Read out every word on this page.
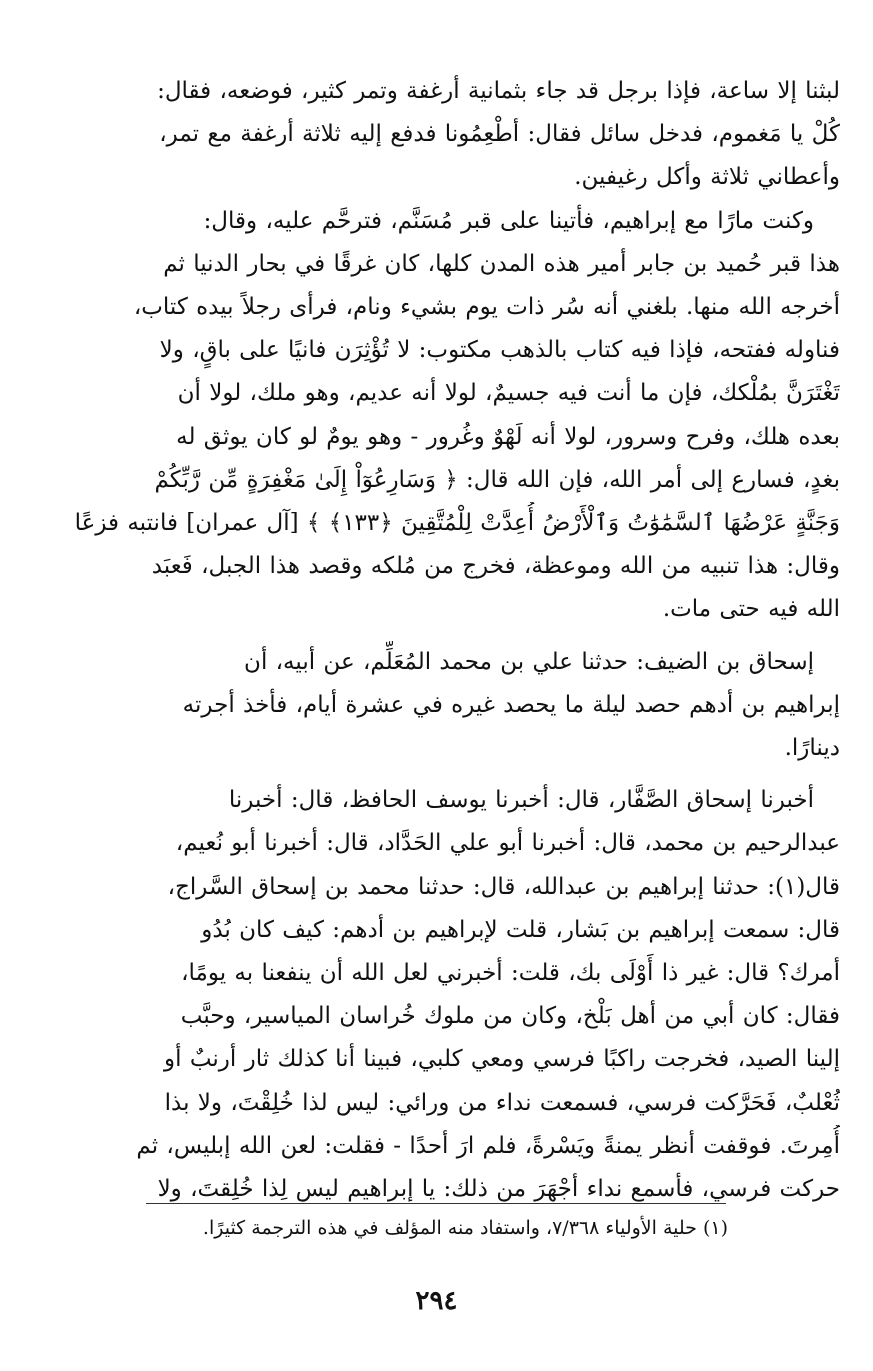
لبثنا إلا ساعة، فإذا برجل قد جاء بثمانية أرغفة وتمر كثير، فوضعه، فقال:
كُلْ يا مَغموم، فدخل سائل فقال: أطْعِمُونا فدفع إليه ثلاثة أرغفة مع تمر،
وأعطاني ثلاثة وأكل رغيفين.
وكنت مارًا مع إبراهيم، فأتينا على قبر مُسَنَّم، فترحَّم عليه، وقال:
هذا قبر حُميد بن جابر أمير هذه المدن كلها، كان غرقًا في بحار الدنيا ثم
أخرجه الله منها. بلغني أنه سُر ذات يوم بشيء ونام، فرأى رجلاً بيده كتاب،
فناوله ففتحه، فإذا فيه كتاب بالذهب مكتوب: لا تُؤْثِرَن فانيًا على باقٍ، ولا
تَغْتَرَنَّ بمُلْكك، فإن ما أنت فيه جسيمٌ، لولا أنه عديم، وهو ملك، لولا أن
بعده هلك، وفرح وسرور، لولا أنه لَهْوٌ وغُرور - وهو يومٌ لو كان يوثق له
بغدٍ، فسارع إلى أمر الله، فإن الله قال: ﴿ وَسَارِعُوٓاْ إِلَىٰ مَغْفِرَةٍ مِّن رَّبِّكُمْ
وَجَنَّةٍ عَرْضُهَا ٱلسَّمَٰوَٰتُ وَٱلْأَرْضُ أُعِدَّتْ لِلْمُتَّقِينَ ﴿١٣٣﴾ ﴾ [آل عمران] فانتبه فزعًا
وقال: هذا تنبيه من الله وموعظة، فخرج من مُلكه وقصد هذا الجبل، فَعبَد
الله فيه حتى مات.
إسحاق بن الضيف: حدثنا علي بن محمد المُعَلِّم، عن أبيه، أن
إبراهيم بن أدهم حصد ليلة ما يحصد غيره في عشرة أيام، فأخذ أجرته
دينارًا.
أخبرنا إسحاق الصَّفَّار، قال: أخبرنا يوسف الحافظ، قال: أخبرنا
عبدالرحيم بن محمد، قال: أخبرنا أبو علي الحَدَّاد، قال: أخبرنا أبو نُعيم،
قال(١): حدثنا إبراهيم بن عبدالله، قال: حدثنا محمد بن إسحاق السَّراج،
قال: سمعت إبراهيم بن بَشار، قلت لإبراهيم بن أدهم: كيف كان بُدُو
أمرك؟ قال: غير ذا أَوْلَى بك، قلت: أخبرني لعل الله أن ينفعنا به يومًا،
فقال: كان أبي من أهل بَلْخ، وكان من ملوك خُراسان المياسير، وحبَّب
إلينا الصيد، فخرجت راكبًا فرسي ومعي كلبي، فبينا أنا كذلك ثار أرنبٌ أو
ثُعْلبٌ، فَحَرَّكت فرسي، فسمعت نداء من ورائي: ليس لذا خُلِقْتَ، ولا بذا
أُمِرتَ. فوقفت أنظر يمنةً ويَسْرةً، فلم ارَ أحدًا - فقلت: لعن الله إبليس، ثم
حركت فرسي، فأسمع نداء أجْهَرَ من ذلك: يا إبراهيم ليس لِذا خُلِقتَ، ولا
(١) حلية الأولياء ٧/٣٦٨، واستفاد منه المؤلف في هذه الترجمة كثيرًا.
٢٩٤
